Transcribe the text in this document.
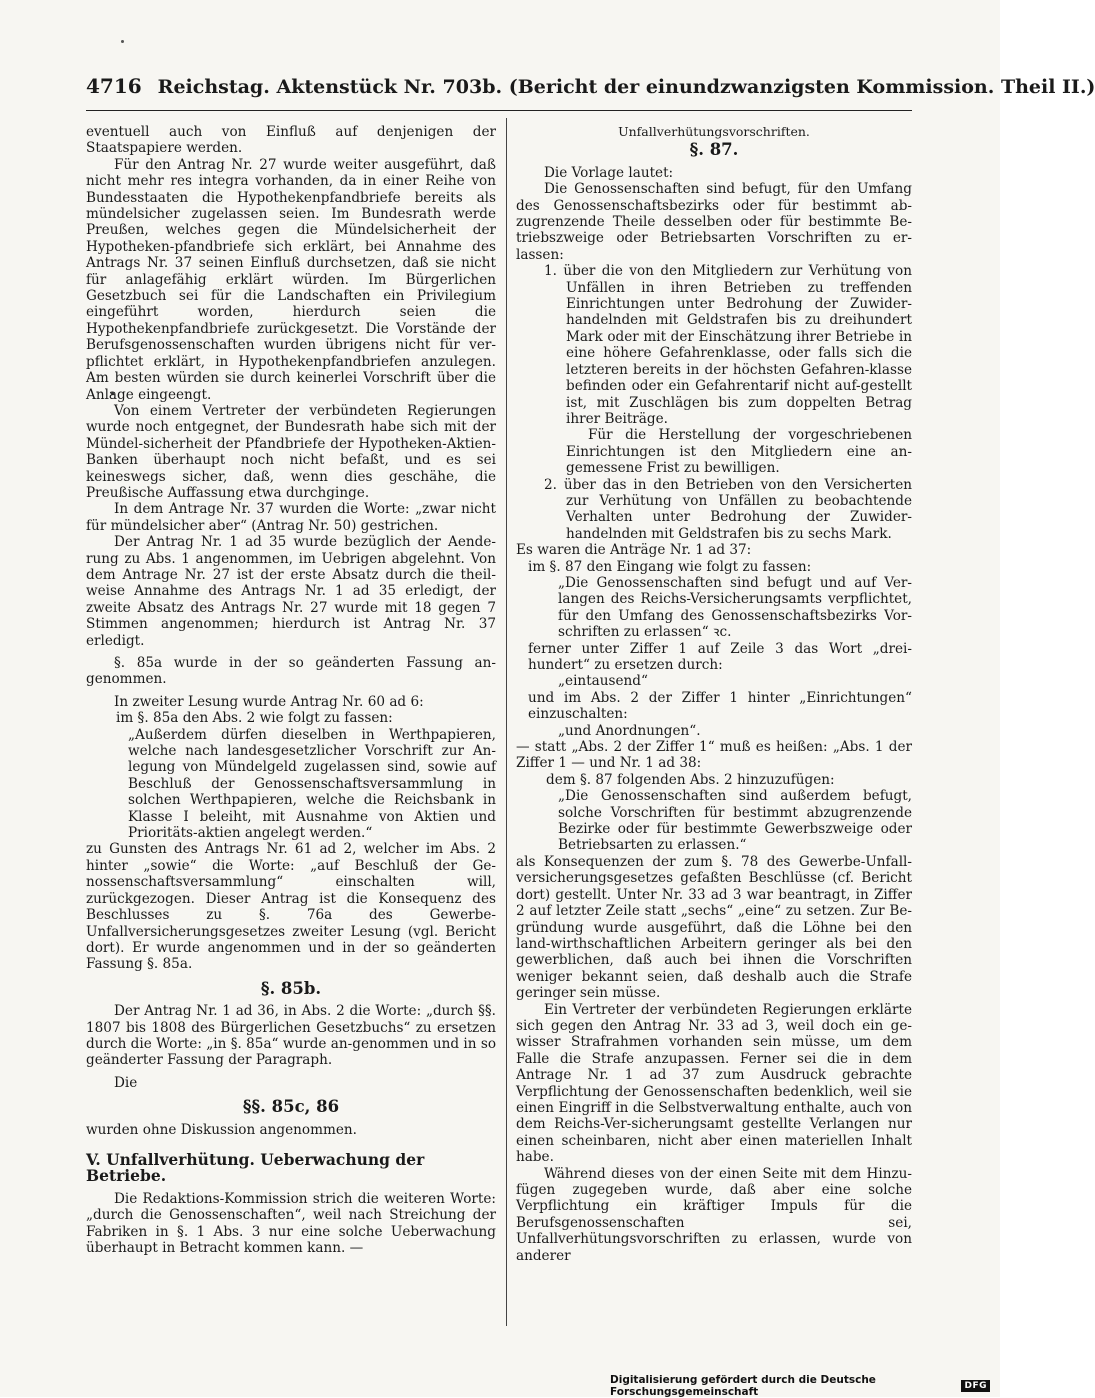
4716 Reichstag. Aktenstück Nr. 703b. (Bericht der einundzwanzigsten Kommission. Theil II.)

eventuell auch von Einfluß auf denjenigen der Staatspapiere werden.

Für den Antrag Nr. 27 wurde weiter ausgeführt, daß nicht mehr res integra vorhanden, da in einer Reihe von Bundesstaaten die Hypothekenpfandbriefe bereits als mündelsicher zugelassen seien. Im Bundesrath werde Preußen, welches gegen die Mündelsicherheit der Hypotheken-pfandbriefe sich erklärt, bei Annahme des Antrags Nr. 37 seinen Einfluß durchsetzen, daß sie nicht für anlagefähig erklärt würden. Im Bürgerlichen Gesetzbuch sei für die Landschaften ein Privilegium eingeführt worden, hierdurch seien die Hypothekenpfandbriefe zurückgesetzt. Die Vorstände der Berufsgenossenschaften wurden übrigens nicht für ver-pflichtet erklärt, in Hypothekenpfandbriefen anzulegen. Am besten würden sie durch keinerlei Vorschrift über die Anlage eingeengt.

Von einem Vertreter der verbündeten Regierungen wurde noch entgegnet, der Bundesrath habe sich mit der Mündel-sicherheit der Pfandbriefe der Hypotheken-Aktien-Banken überhaupt noch nicht befaßt, und es sei keineswegs sicher, daß, wenn dies geschähe, die Preußische Auffassung etwa durchginge.

In dem Antrage Nr. 37 wurden die Worte: „zwar nicht für mündelsicher aber“ (Antrag Nr. 50) gestrichen.

Der Antrag Nr. 1 ad 35 wurde bezüglich der Aende-rung zu Abs. 1 angenommen, im Uebrigen abgelehnt. Von dem Antrage Nr. 27 ist der erste Absatz durch die theil-weise Annahme des Antrags Nr. 1 ad 35 erledigt, der zweite Absatz des Antrags Nr. 27 wurde mit 18 gegen 7 Stimmen angenommen; hierdurch ist Antrag Nr. 37 erledigt.

§. 85a wurde in der so geänderten Fassung an-genommen.

In zweiter Lesung wurde Antrag Nr. 60 ad 6:

im §. 85a den Abs. 2 wie folgt zu fassen:

„Außerdem dürfen dieselben in Werthpapieren, welche nach landesgesetzlicher Vorschrift zur An-legung von Mündelgeld zugelassen sind, sowie auf Beschluß der Genossenschaftsversammlung in solchen Werthpapieren, welche die Reichsbank in Klasse I beleiht, mit Ausnahme von Aktien und Prioritäts-aktien angelegt werden.“

zu Gunsten des Antrags Nr. 61 ad 2, welcher im Abs. 2 hinter „sowie“ die Worte: „auf Beschluß der Ge-nossenschaftsversammlung“ einschalten will, zurückgezogen. Dieser Antrag ist die Konsequenz des Beschlusses zu §. 76a des Gewerbe-Unfallversicherungsgesetzes zweiter Lesung (vgl. Bericht dort). Er wurde angenommen und in der so geänderten Fassung §. 85a.

§. 85b.

Der Antrag Nr. 1 ad 36, in Abs. 2 die Worte: „durch §§. 1807 bis 1808 des Bürgerlichen Gesetzbuchs“ zu ersetzen durch die Worte: „in §. 85a“ wurde an-genommen und in so geänderter Fassung der Paragraph.

Die

§§. 85c, 86

wurden ohne Diskussion angenommen.

V. Unfallverhütung. Ueberwachung der Betriebe.

Die Redaktions-Kommission strich die weiteren Worte: „durch die Genossenschaften“, weil nach Streichung der Fabriken in §. 1 Abs. 3 nur eine solche Ueberwachung überhaupt in Betracht kommen kann. —

Unfallverhütungsvorschriften.
§. 87.

Die Vorlage lautet:

Die Genossenschaften sind befugt, für den Umfang des Genossenschaftsbezirks oder für bestimmt ab-zugrenzende Theile desselben oder für bestimmte Be-triebszweige oder Betriebsarten Vorschriften zu er-lassen:

1. über die von den Mitgliedern zur Verhütung von Unfällen in ihren Betrieben zu treffenden Einrichtungen unter Bedrohung der Zuwider-handelnden mit Geldstrafen bis zu dreihundert Mark oder mit der Einschätzung ihrer Betriebe in eine höhere Gefahrenklasse, oder falls sich die letzteren bereits in der höchsten Gefahren-klasse befinden oder ein Gefahrentarif nicht auf-gestellt ist, mit Zuschlägen bis zum doppelten Betrag ihrer Beiträge.

Für die Herstellung der vorgeschriebenen Einrichtungen ist den Mitgliedern eine an-gemessene Frist zu bewilligen.

2. über das in den Betrieben von den Versicherten zur Verhütung von Unfällen zu beobachtende Verhalten unter Bedrohung der Zuwider-handelnden mit Geldstrafen bis zu sechs Mark.

Es waren die Anträge Nr. 1 ad 37:

im §. 87 den Eingang wie folgt zu fassen:

„Die Genossenschaften sind befugt und auf Ver-langen des Reichs-Versicherungsamts verpflichtet, für den Umfang des Genossenschaftsbezirks Vor-schriften zu erlassen“ ꝛc.

ferner unter Ziffer 1 auf Zeile 3 das Wort „drei-hundert“ zu ersetzen durch:

„eintausend“

und im Abs. 2 der Ziffer 1 hinter „Einrichtungen“ einzuschalten:

„und Anordnungen“.

— statt „Abs. 2 der Ziffer 1“ muß es heißen: „Abs. 1 der Ziffer 1 — und Nr. 1 ad 38:

dem §. 87 folgenden Abs. 2 hinzuzufügen:

„Die Genossenschaften sind außerdem befugt, solche Vorschriften für bestimmt abzugrenzende Bezirke oder für bestimmte Gewerbszweige oder Betriebsarten zu erlassen.“

als Konsequenzen der zum §. 78 des Gewerbe-Unfall-versicherungsgesetzes gefaßten Beschlüsse (cf. Bericht dort) gestellt. Unter Nr. 33 ad 3 war beantragt, in Ziffer 2 auf letzter Zeile statt „sechs“ „eine“ zu setzen. Zur Be-gründung wurde ausgeführt, daß die Löhne bei den land-wirthschaftlichen Arbeitern geringer als bei den gewerblichen, daß auch bei ihnen die Vorschriften weniger bekannt seien, daß deshalb auch die Strafe geringer sein müsse.

Ein Vertreter der verbündeten Regierungen erklärte sich gegen den Antrag Nr. 33 ad 3, weil doch ein ge-wisser Strafrahmen vorhanden sein müsse, um dem Falle die Strafe anzupassen. Ferner sei die in dem Antrage Nr. 1 ad 37 zum Ausdruck gebrachte Verpflichtung der Genossenschaften bedenklich, weil sie einen Eingriff in die Selbstverwaltung enthalte, auch von dem Reichs-Ver-sicherungsamt gestellte Verlangen nur einen scheinbaren, nicht aber einen materiellen Inhalt habe.

Während dieses von der einen Seite mit dem Hinzu-fügen zugegeben wurde, daß aber eine solche Verpflichtung ein kräftiger Impuls für die Berufsgenossenschaften sei, Unfallverhütungsvorschriften zu erlassen, wurde von anderer

Digitalisierung gefördert durch die Deutsche Forschungsgemeinschaft	DFG
